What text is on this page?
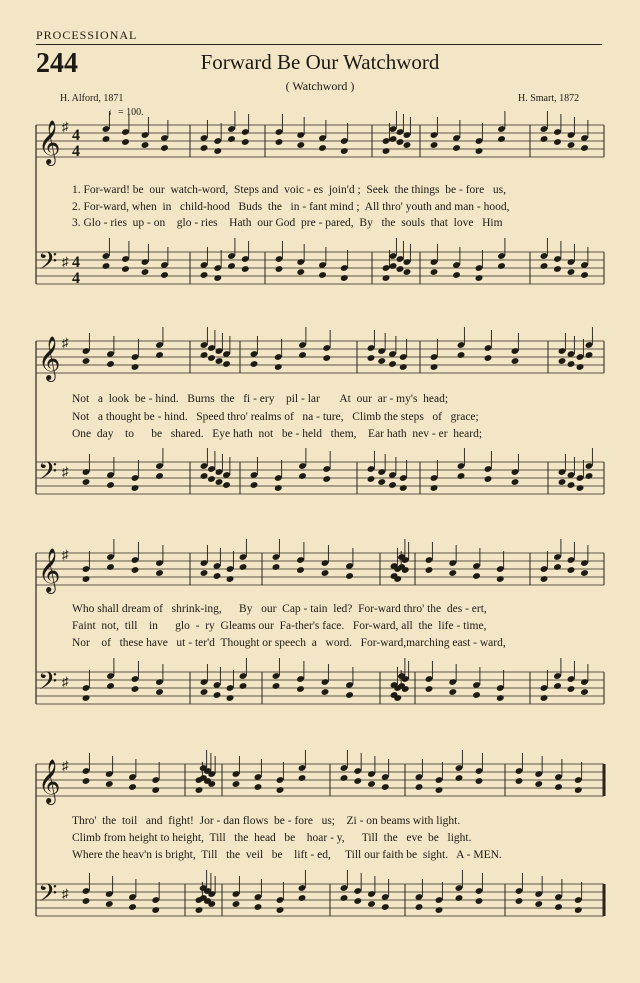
PROCESSIONAL
244	Forward Be Our Watchword
( Watchword )
H. Alford, 1871	H. Smart, 1872
♩= 100.
𝄞 ♯
4
4
𝄢 ♯ 4
4
1. For-ward! be  our  watch-word,  Steps and  voic - es  join'd ;  Seek  the things  be - fore   us,
2. For-ward, when  in   child-hood   Buds  the   in - fant mind ;  All thro' youth and man - hood,
3. Glo - ries  up - on    glo - ries    Hath  our God  pre - pared,  By   the  souls  that  love   Him
𝄞 ♯
𝄢 ♯
Not   a  look  be - hind.   Burns  the   fi - ery    pil - lar       At  our  ar - my's  head;
Not   a thought be - hind.   Speed thro' realms of   na - ture,   Climb the steps   of   grace;
One  day    to      be   shared.   Eye hath  not   be - held   them,    Ear hath  nev - er  heard;
𝄞 ♯
𝄢 ♯
Who shall dream of   shrink-ing,      By   our  Cap - tain  led?  For-ward thro' the  des - ert,
Faint  not,  till    in      glo  -  ry  Gleams our  Fa-ther's face.   For-ward, all  the  life - time,
Nor    of   these have   ut - ter'd  Thought or speech  a   word.   For-ward,marching east - ward,
𝄞 ♯
𝄢 ♯
Thro'  the  toil   and  fight!  Jor - dan flows  be - fore   us;    Zi - on beams with light.
Climb from height to height,  Till   the  head   be    hoar - y,      Till  the   eve  be   light.
Where the heav'n is bright,  Till   the  veil   be    lift - ed,     Till our faith be  sight.   A - MEN.
